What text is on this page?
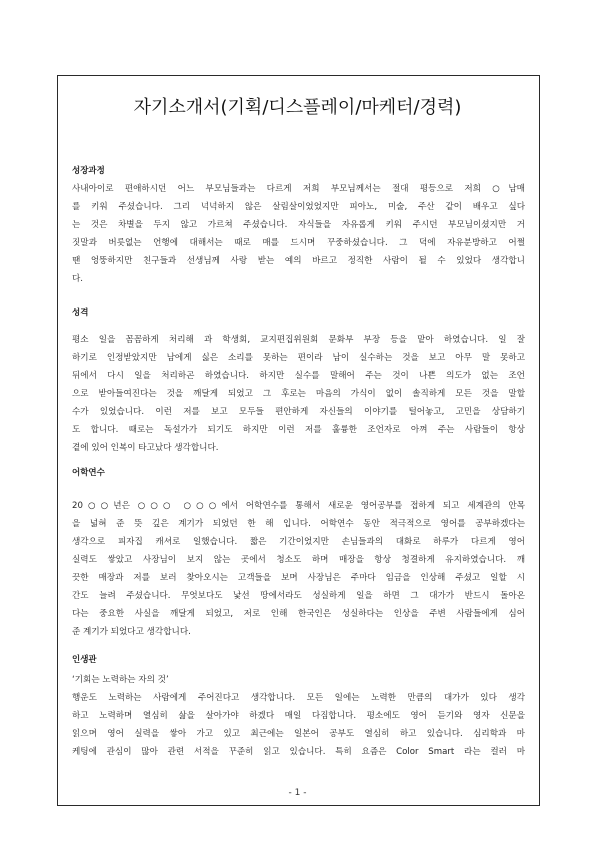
자기소개서(기획/디스플레이/마케터/경력)
성장과정
사내아이로 편애하시던 어느 부모님들과는 다르게 저희 부모님께서는 절대 평등으로 저희 ○남매
를 키워 주셨습니다. 그리 넉넉하지 않은 살림살이었었지만 피아노, 미술, 주산 같이 배우고 싶다
는 것은 차별을 두지 않고 가르쳐 주셨습니다. 자식들을 자유롭게 키워 주시던 부모님이셨지만 거
짓말과 버릇없는 언행에 대해서는 때로 매를 드시며 꾸중하셨습니다. 그 덕에 자유분방하고 어쩔
땐 엉뚱하지만 친구들과 선생님께 사랑 받는 예의 바르고 정직한 사람이 될 수 있었다 생각합니
다.
성격
평소 일을 꼼꼼하게 처리해 과 학생회, 교지편집위원회 문화부 부장 등을 맡아 하였습니다. 일 잘
하기로 인정받았지만 남에게 싫은 소리를 못하는 편이라 남이 실수하는 것을 보고 아무 말 못하고
뒤에서 다시 일을 처리하곤 하였습니다. 하지만 실수를 말해어 주는 것이 나쁜 의도가 없는 조언
으로 받아들여진다는 것을 깨달게 되었고 그 후로는 마음의 가식이 없이 솔직하게 모든 것을 말할
수가 있었습니다. 이런 저를 보고 모두들 편안하게 자신들의 이야기를 털어놓고, 고민을 상담하기
도 합니다. 때로는 독설가가 되기도 하지만 이런 저를 훌륭한 조언자로 아껴 주는 사람들이 항상
곁에 있어 인복이 타고났다 생각합니다.
어학연수
20○○년은 ○○○ ○○○에서 어학연수를 통해서 새로운 영어공부를 접하게 되고 세계관의 안목
을 넓혀 준 뜻 깊은 계기가 되었던 한 해 입니다. 어학연수 동안 적극적으로 영어를 공부하겠다는
생각으로 피자집 캐셔로 일했습니다. 짧은 기간이었지만 손님들과의 대화로 하루가 다르게 영어
실력도 쌓았고 사장님이 보지 않는 곳에서 청소도 하며 매장을 항상 청결하게 유지하였습니다. 깨
끗한 매장과 저를 보러 찾아오시는 고객들을 보며 사장님은 주마다 임금을 인상해 주셨고 일할 시
간도 늘려 주셨습니다. 무엇보다도 낯선 땅에서라도 성실하게 일을 하면 그 대가가 반드시 돌아온
다는 중요한 사실을 깨달게 되었고, 저로 인해 한국인은 성실하다는 인상을 주변 사람들에게 심어
준 계기가 되었다고 생각합니다.
인생관
‘기회는 노력하는 자의 것’
행운도 노력하는 사람에게 주어진다고 생각합니다. 모든 일에는 노력한 만큼의 대가가 있다 생각
하고 노력하며 열심히 삶을 살아가야 하겠다 매일 다짐합니다. 평소에도 영어 듣기와 영자 신문을
읽으며 영어 실력을 쌓아 가고 있고 최근에는 일본어 공부도 열심히 하고 있습니다. 심리학과 마
케팅에 관심이 많아 관련 서적을 꾸준히 읽고 있습니다. 특히 요즘은 Color Smart 라는 컬러 마
- 1 -
